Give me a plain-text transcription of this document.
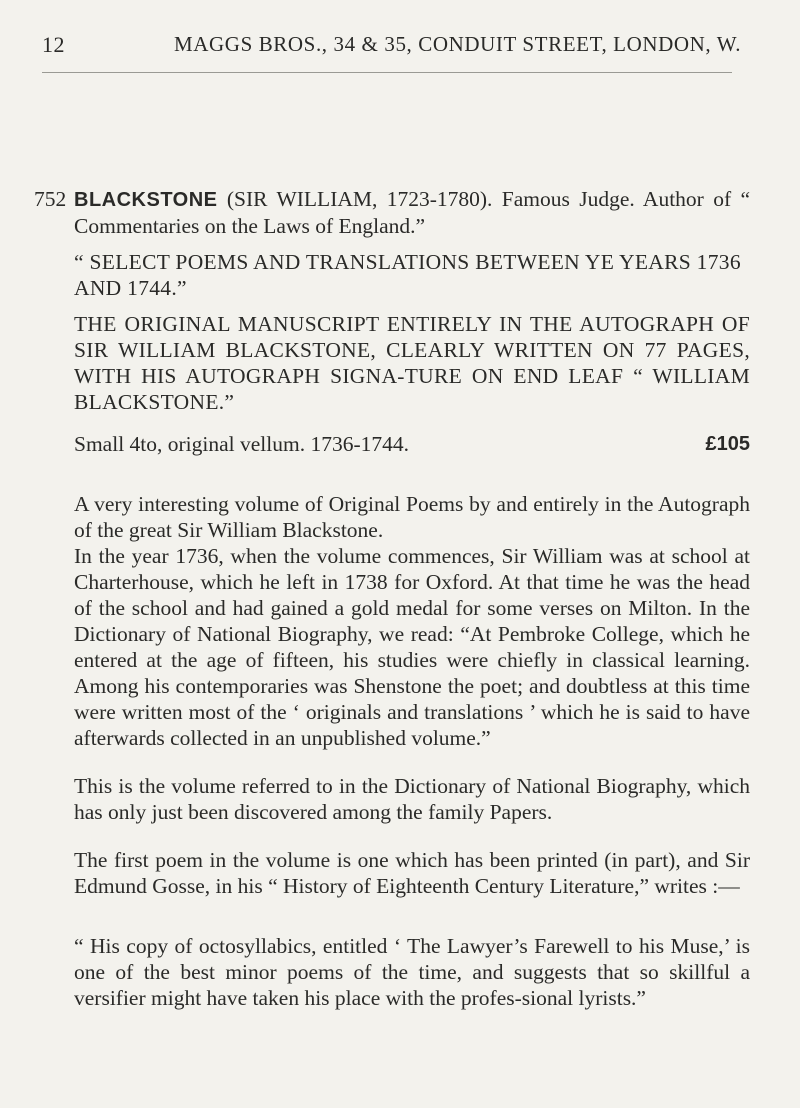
12	MAGGS BROS., 34 & 35, CONDUIT STREET, LONDON, W.
752 BLACKSTONE (SIR WILLIAM, 1723-1780). Famous Judge. Author of “ Commentaries on the Laws of England.”

“ SELECT POEMS AND TRANSLATIONS BETWEEN YE YEARS 1736 AND 1744.”

THE ORIGINAL MANUSCRIPT ENTIRELY IN THE AUTOGRAPH OF SIR WILLIAM BLACKSTONE, CLEARLY WRITTEN ON 77 PAGES, WITH HIS AUTOGRAPH SIGNA-TURE ON END LEAF “ WILLIAM BLACKSTONE.”

Small 4to, original vellum. 1736-1744.	£105

A very interesting volume of Original Poems by and entirely in the Autograph of the great Sir William Blackstone.

In the year 1736, when the volume commences, Sir William was at school at Charterhouse, which he left in 1738 for Oxford. At that time he was the head of the school and had gained a gold medal for some verses on Milton. In the Dictionary of National Biography, we read: “At Pembroke College, which he entered at the age of fifteen, his studies were chiefly in classical learning. Among his contemporaries was Shenstone the poet; and doubtless at this time were written most of the ‘ originals and translations ’ which he is said to have afterwards collected in an unpublished volume.”

This is the volume referred to in the Dictionary of National Biography, which has only just been discovered among the family Papers.

The first poem in the volume is one which has been printed (in part), and Sir Edmund Gosse, in his “ History of Eighteenth Century Literature,” writes :—

“ His copy of octosyllabics, entitled ‘ The Lawyer’s Farewell to his Muse,’ is one of the best minor poems of the time, and suggests that so skillful a versifier might have taken his place with the profes-sional lyrists.”
